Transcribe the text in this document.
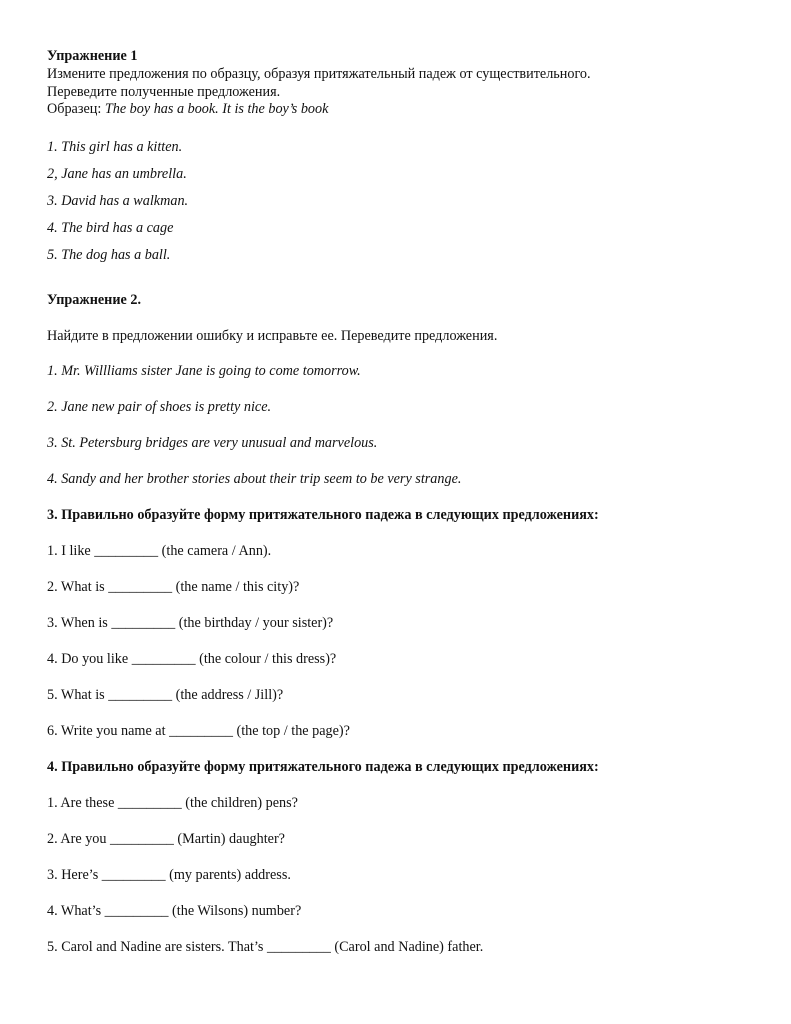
Упражнение 1
Измените предложения по образцу, образуя притяжательный падеж от существительного.
Переведите полученные предложения.
Образец: The boy has a book. It is the boy’s book
1. This girl has a kitten.
2, Jane has an umbrella.
3. David has a walkman.
4. The bird has a cage
5. The dog has a ball.
Упражнение 2.
Найдите в предложении ошибку и исправьте ее. Переведите предложения.
1. Mr. Willliams sister Jane is going to come tomorrow.
2. Jane new pair of shoes is pretty nice.
3. St. Petersburg bridges are very unusual and marvelous.
4. Sandy and her brother stories about their trip seem to be very strange.
3. Правильно образуйте форму притяжательного падежа в следующих предложениях:
1. I like _________ (the camera / Ann).
2. What is _________ (the name / this city)?
3. When is _________ (the birthday / your sister)?
4. Do you like _________ (the colour / this dress)?
5. What is _________ (the address / Jill)?
6. Write you name at _________ (the top / the page)?
4. Правильно образуйте форму притяжательного падежа в следующих предложениях:
1. Are these _________ (the children) pens?
2. Are you _________ (Martin) daughter?
3. Here’s _________ (my parents) address.
4. What’s _________ (the Wilsons) number?
5. Carol and Nadine are sisters. That’s _________ (Carol and Nadine) father.
